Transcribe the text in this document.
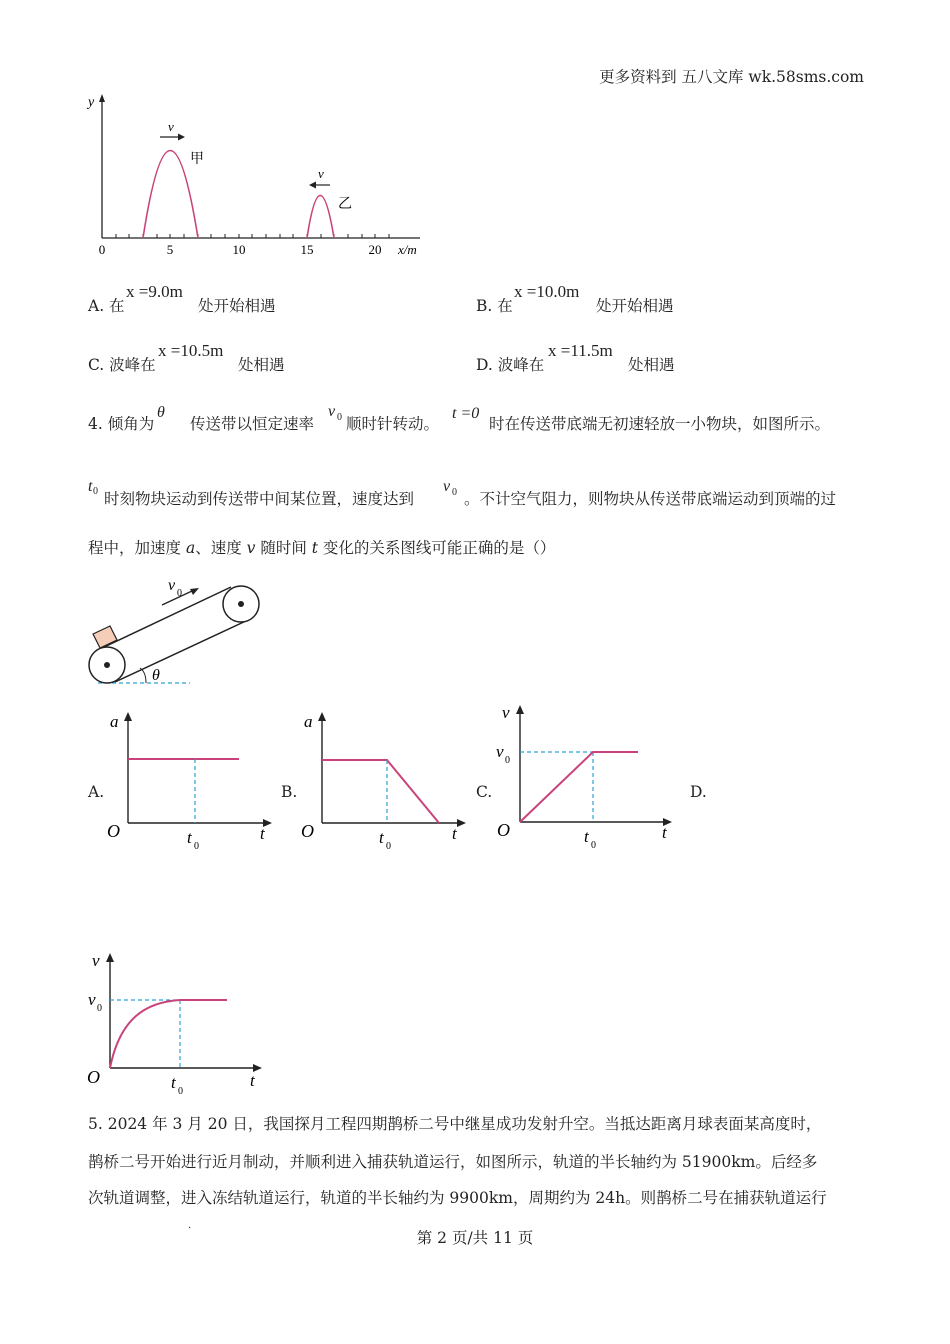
更多资料到 五八文库 wk.58sms.com
y
v
甲
v
乙
0	5	10	15	20 x/m
A. 在
x =9.0m
处开始相遇	B. 在
x =10.0m
处开始相遇
C. 波峰在
x =10.5m
处相遇	D. 波峰在
x =11.5m
处相遇
4. 倾角为
θ
传送带以恒定速率
v 0 顺时针转动。
t =0
时在传送带底端无初速轻放一小物块，如图所示。
t 0 时刻物块运动到传送带中间某位置，速度达到
v 0 。不计空气阻力，则物块从传送带底端运动到顶端的过
程中，加速度 a、速度 v 随时间 t 变化的关系图线可能正确的是（）
θ
v 0
A.	B.	C.	D.
a
t
O	t 0
a
t
O	t 0
v
t
O
v 0
t 0
v
t
O
v 0
t 0
5. 2024 年 3 月 20 日，我国探月工程四期鹊桥二号中继星成功发射升空。当抵达距离月球表面某高度时，
鹊桥二号开始进行近月制动，并顺利进入捕获轨道运行，如图所示，轨道的半长轴约为 51900km。后经多
次轨道调整，进入冻结轨道运行，轨道的半长轴约为 9900km，周期约为 24h。则鹊桥二号在捕获轨道运行
.
第 2 页/共 11 页
